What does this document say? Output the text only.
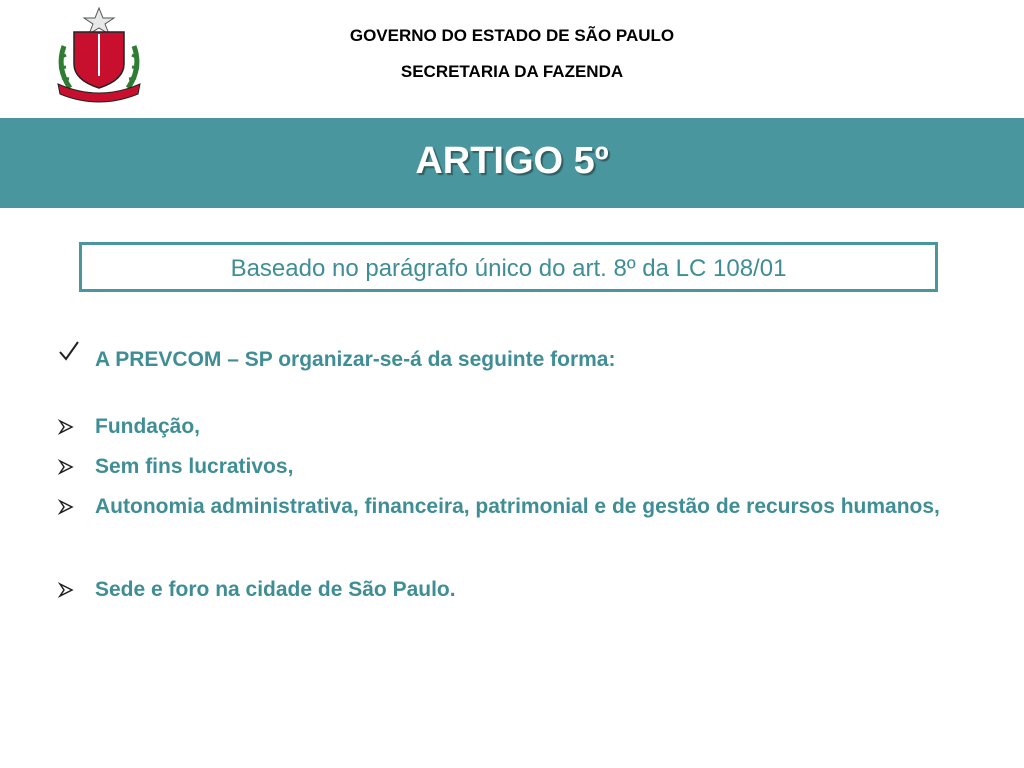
GOVERNO DO ESTADO DE SÃO PAULO
SECRETARIA DA FAZENDA
ARTIGO 5º
Baseado no parágrafo único do art. 8º da LC 108/01
A PREVCOM – SP organizar-se-á da seguinte forma:
Fundação,
Sem fins lucrativos,
Autonomia administrativa, financeira, patrimonial e de gestão de recursos humanos,
Sede e foro na cidade de São Paulo.
